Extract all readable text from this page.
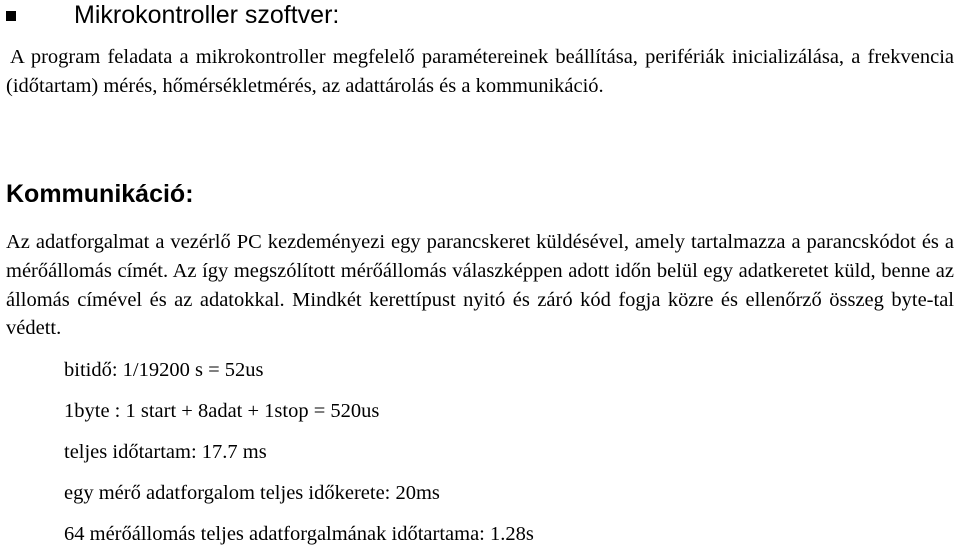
Mikrokontroller szoftver:

A program feladata a mikrokontroller megfelelő paramétereinek beállítása, perifériák inicializálása, a frekvencia (időtartam) mérés, hőmérsékletmérés, az adattárolás és a kommunikáció.

Kommunikáció:

Az adatforgalmat a vezérlő PC kezdeményezi egy parancskeret küldésével, amely tartalmazza a parancskódot és a mérőállomás címét. Az így megszólított mérőállomás válaszképpen adott időn belül egy adatkeretet küld, benne az állomás címével és az adatokkal. Mindkét kerettípust nyitó és záró kód fogja közre és ellenőrző összeg byte-tal védett.

bitidő: 1/19200 s = 52us
1byte : 1 start + 8adat + 1stop = 520us
teljes időtartam: 17.7 ms
egy mérő adatforgalom teljes időkerete: 20ms
64 mérőállomás teljes adatforgalmának időtartama: 1.28s
